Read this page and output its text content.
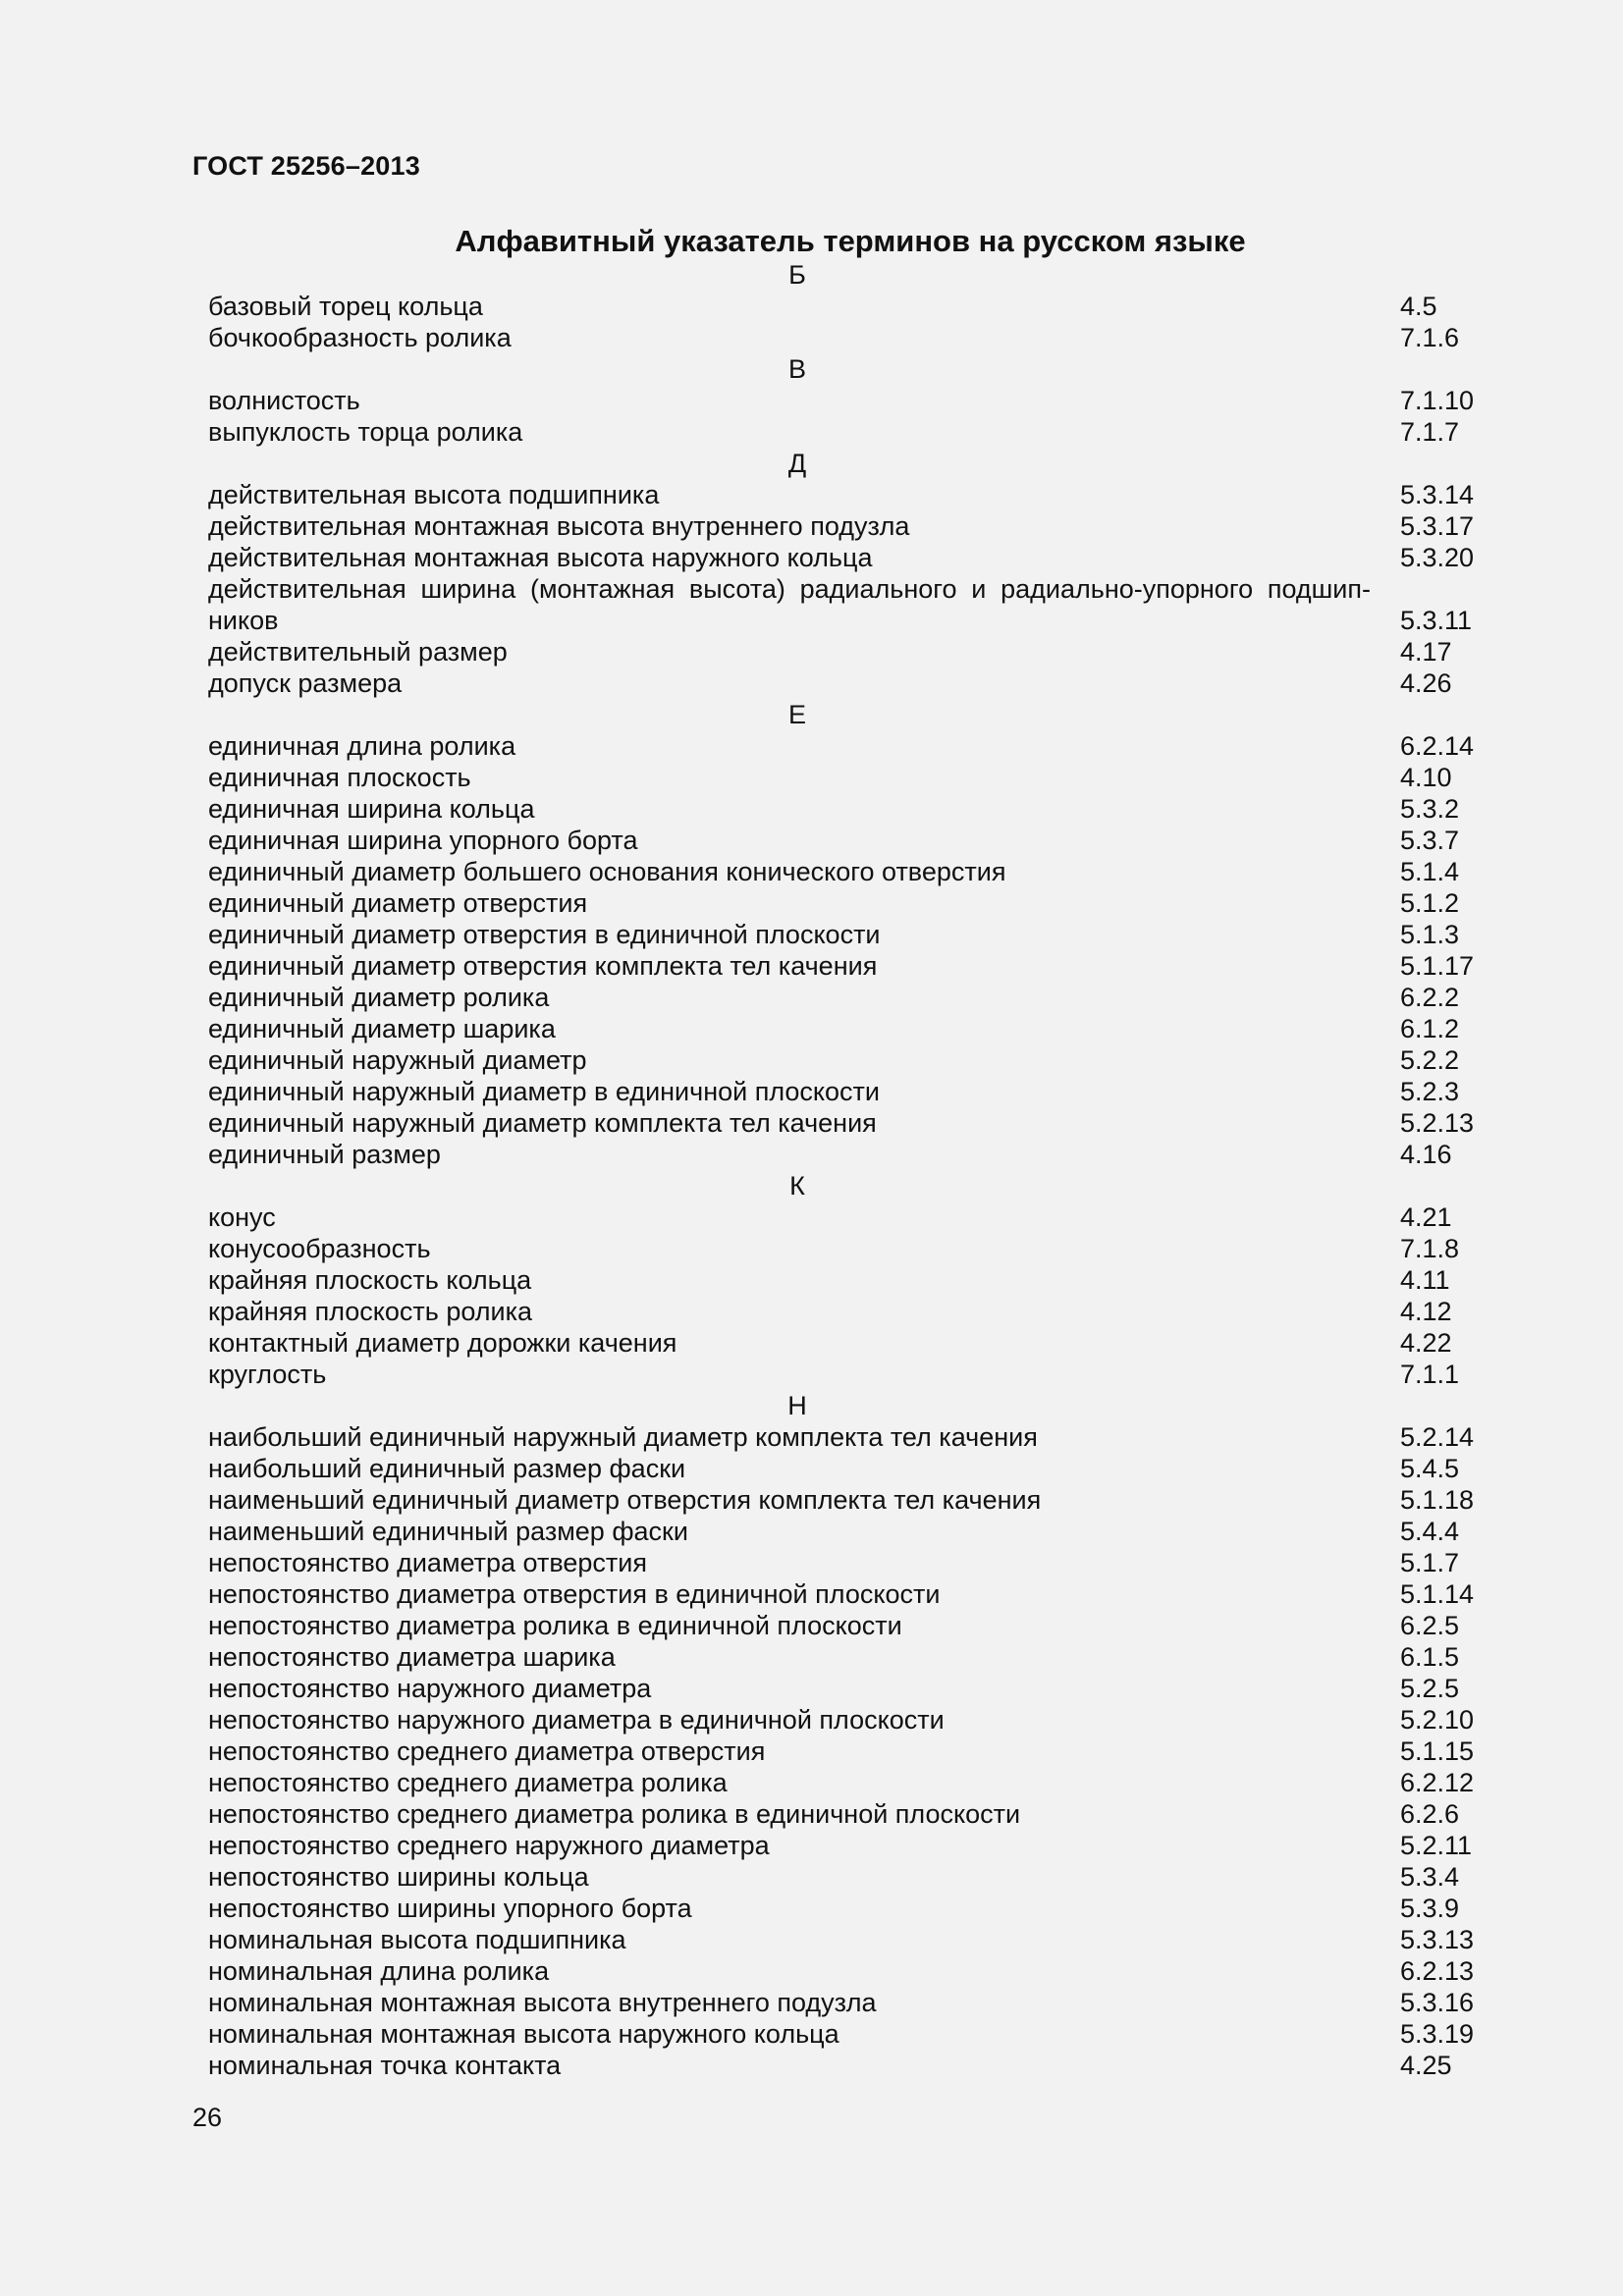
ГОСТ 25256–2013
Алфавитный указатель терминов на русском языке
Б
базовый торец кольца	4.5
бочкообразность ролика	7.1.6
В
волнистость	7.1.10
выпуклость торца ролика	7.1.7
Д
действительная высота подшипника	5.3.14
действительная монтажная высота внутреннего подузла	5.3.17
действительная монтажная высота наружного кольца	5.3.20
действительная ширина (монтажная высота) радиального и радиально-упорного подшип-
ников	5.3.11
действительный размер	4.17
допуск размера	4.26
Е
единичная длина ролика	6.2.14
единичная плоскость	4.10
единичная ширина кольца	5.3.2
единичная ширина упорного борта	5.3.7
единичный диаметр большего основания конического отверстия	5.1.4
единичный диаметр отверстия	5.1.2
единичный диаметр отверстия в единичной плоскости	5.1.3
единичный диаметр отверстия комплекта тел качения	5.1.17
единичный диаметр ролика	6.2.2
единичный диаметр шарика	6.1.2
единичный наружный диаметр	5.2.2
единичный наружный диаметр в единичной плоскости	5.2.3
единичный наружный диаметр комплекта тел качения	5.2.13
единичный размер	4.16
К
конус	4.21
конусообразность	7.1.8
крайняя плоскость кольца	4.11
крайняя плоскость ролика	4.12
контактный диаметр дорожки качения	4.22
круглость	7.1.1
Н
наибольший единичный наружный диаметр комплекта тел качения	5.2.14
наибольший единичный размер фаски	5.4.5
наименьший единичный диаметр отверстия комплекта тел качения	5.1.18
наименьший единичный размер фаски	5.4.4
непостоянство диаметра отверстия	5.1.7
непостоянство диаметра отверстия в единичной плоскости	5.1.14
непостоянство диаметра ролика в единичной плоскости	6.2.5
непостоянство диаметра шарика	6.1.5
непостоянство наружного диаметра	5.2.5
непостоянство наружного диаметра в единичной плоскости	5.2.10
непостоянство среднего диаметра отверстия	5.1.15
непостоянство среднего диаметра ролика	6.2.12
непостоянство среднего диаметра ролика в единичной плоскости	6.2.6
непостоянство среднего наружного диаметра	5.2.11
непостоянство ширины кольца	5.3.4
непостоянство ширины упорного борта	5.3.9
номинальная высота подшипника	5.3.13
номинальная длина ролика	6.2.13
номинальная монтажная высота внутреннего подузла	5.3.16
номинальная монтажная высота наружного кольца	5.3.19
номинальная точка контакта	4.25
26
